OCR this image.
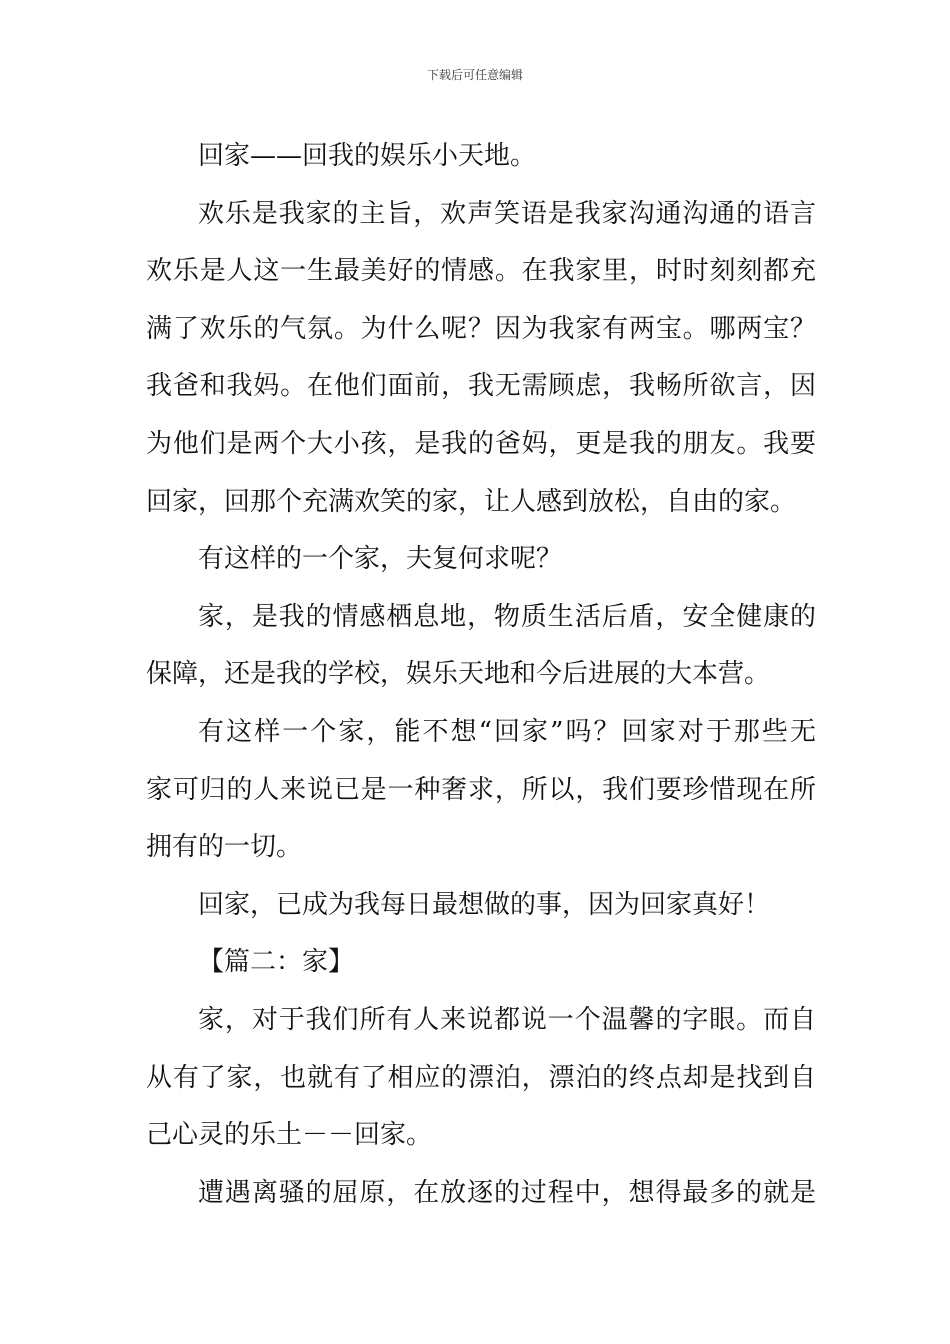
下载后可任意编辑
回家——回我的娱乐小天地。
欢乐是我家的主旨，欢声笑语是我家沟通沟通的语言
欢乐是人这一生最美好的情感。在我家里，时时刻刻都充
满了欢乐的气氛。为什么呢？因为我家有两宝。哪两宝？
我爸和我妈。在他们面前，我无需顾虑，我畅所欲言，因
为他们是两个大小孩，是我的爸妈，更是我的朋友。我要
回家，回那个充满欢笑的家，让人感到放松，自由的家。
有这样的一个家，夫复何求呢？
家，是我的情感栖息地，物质生活后盾，安全健康的
保障，还是我的学校，娱乐天地和今后进展的大本营。
有这样一个家，能不想“回家”吗？回家对于那些无
家可归的人来说已是一种奢求，所以，我们要珍惜现在所
拥有的一切。
回家，已成为我每日最想做的事，因为回家真好！
【篇二：家】
家，对于我们所有人来说都说一个温馨的字眼。而自
从有了家，也就有了相应的漂泊，漂泊的终点却是找到自
己心灵的乐土－－回家。
遭遇离骚的屈原，在放逐的过程中，想得最多的就是
